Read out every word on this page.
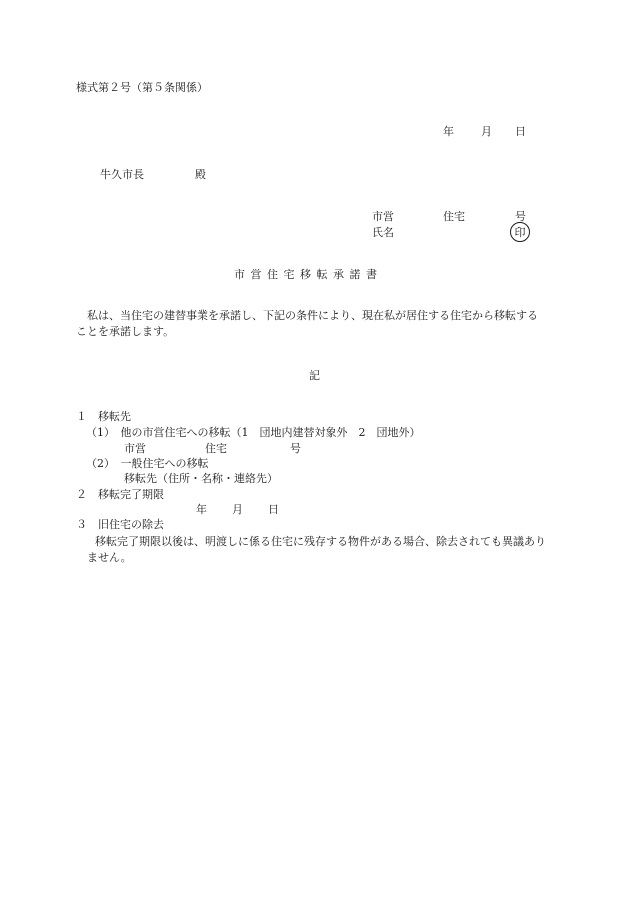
様式第２号（第５条関係）
年 月 日
牛久市長	殿
市営	住宅	号
氏名	印
市営住宅移転承諾書
私は、当住宅の建替事業を承諾し、下記の条件により、現在私が居住する住宅から移転することを承諾します。
記
１　移転先
（1）　他の市営住宅への移転（1　団地内建替対象外　2　団地外）
市営	住宅	号
（2）　一般住宅への移転
移転先（住所・名称・連絡先）
２　移転完了期限
年 月 日
３　旧住宅の除去
移転完了期限以後は、明渡しに係る住宅に残存する物件がある場合、除去されても異議ありません。
